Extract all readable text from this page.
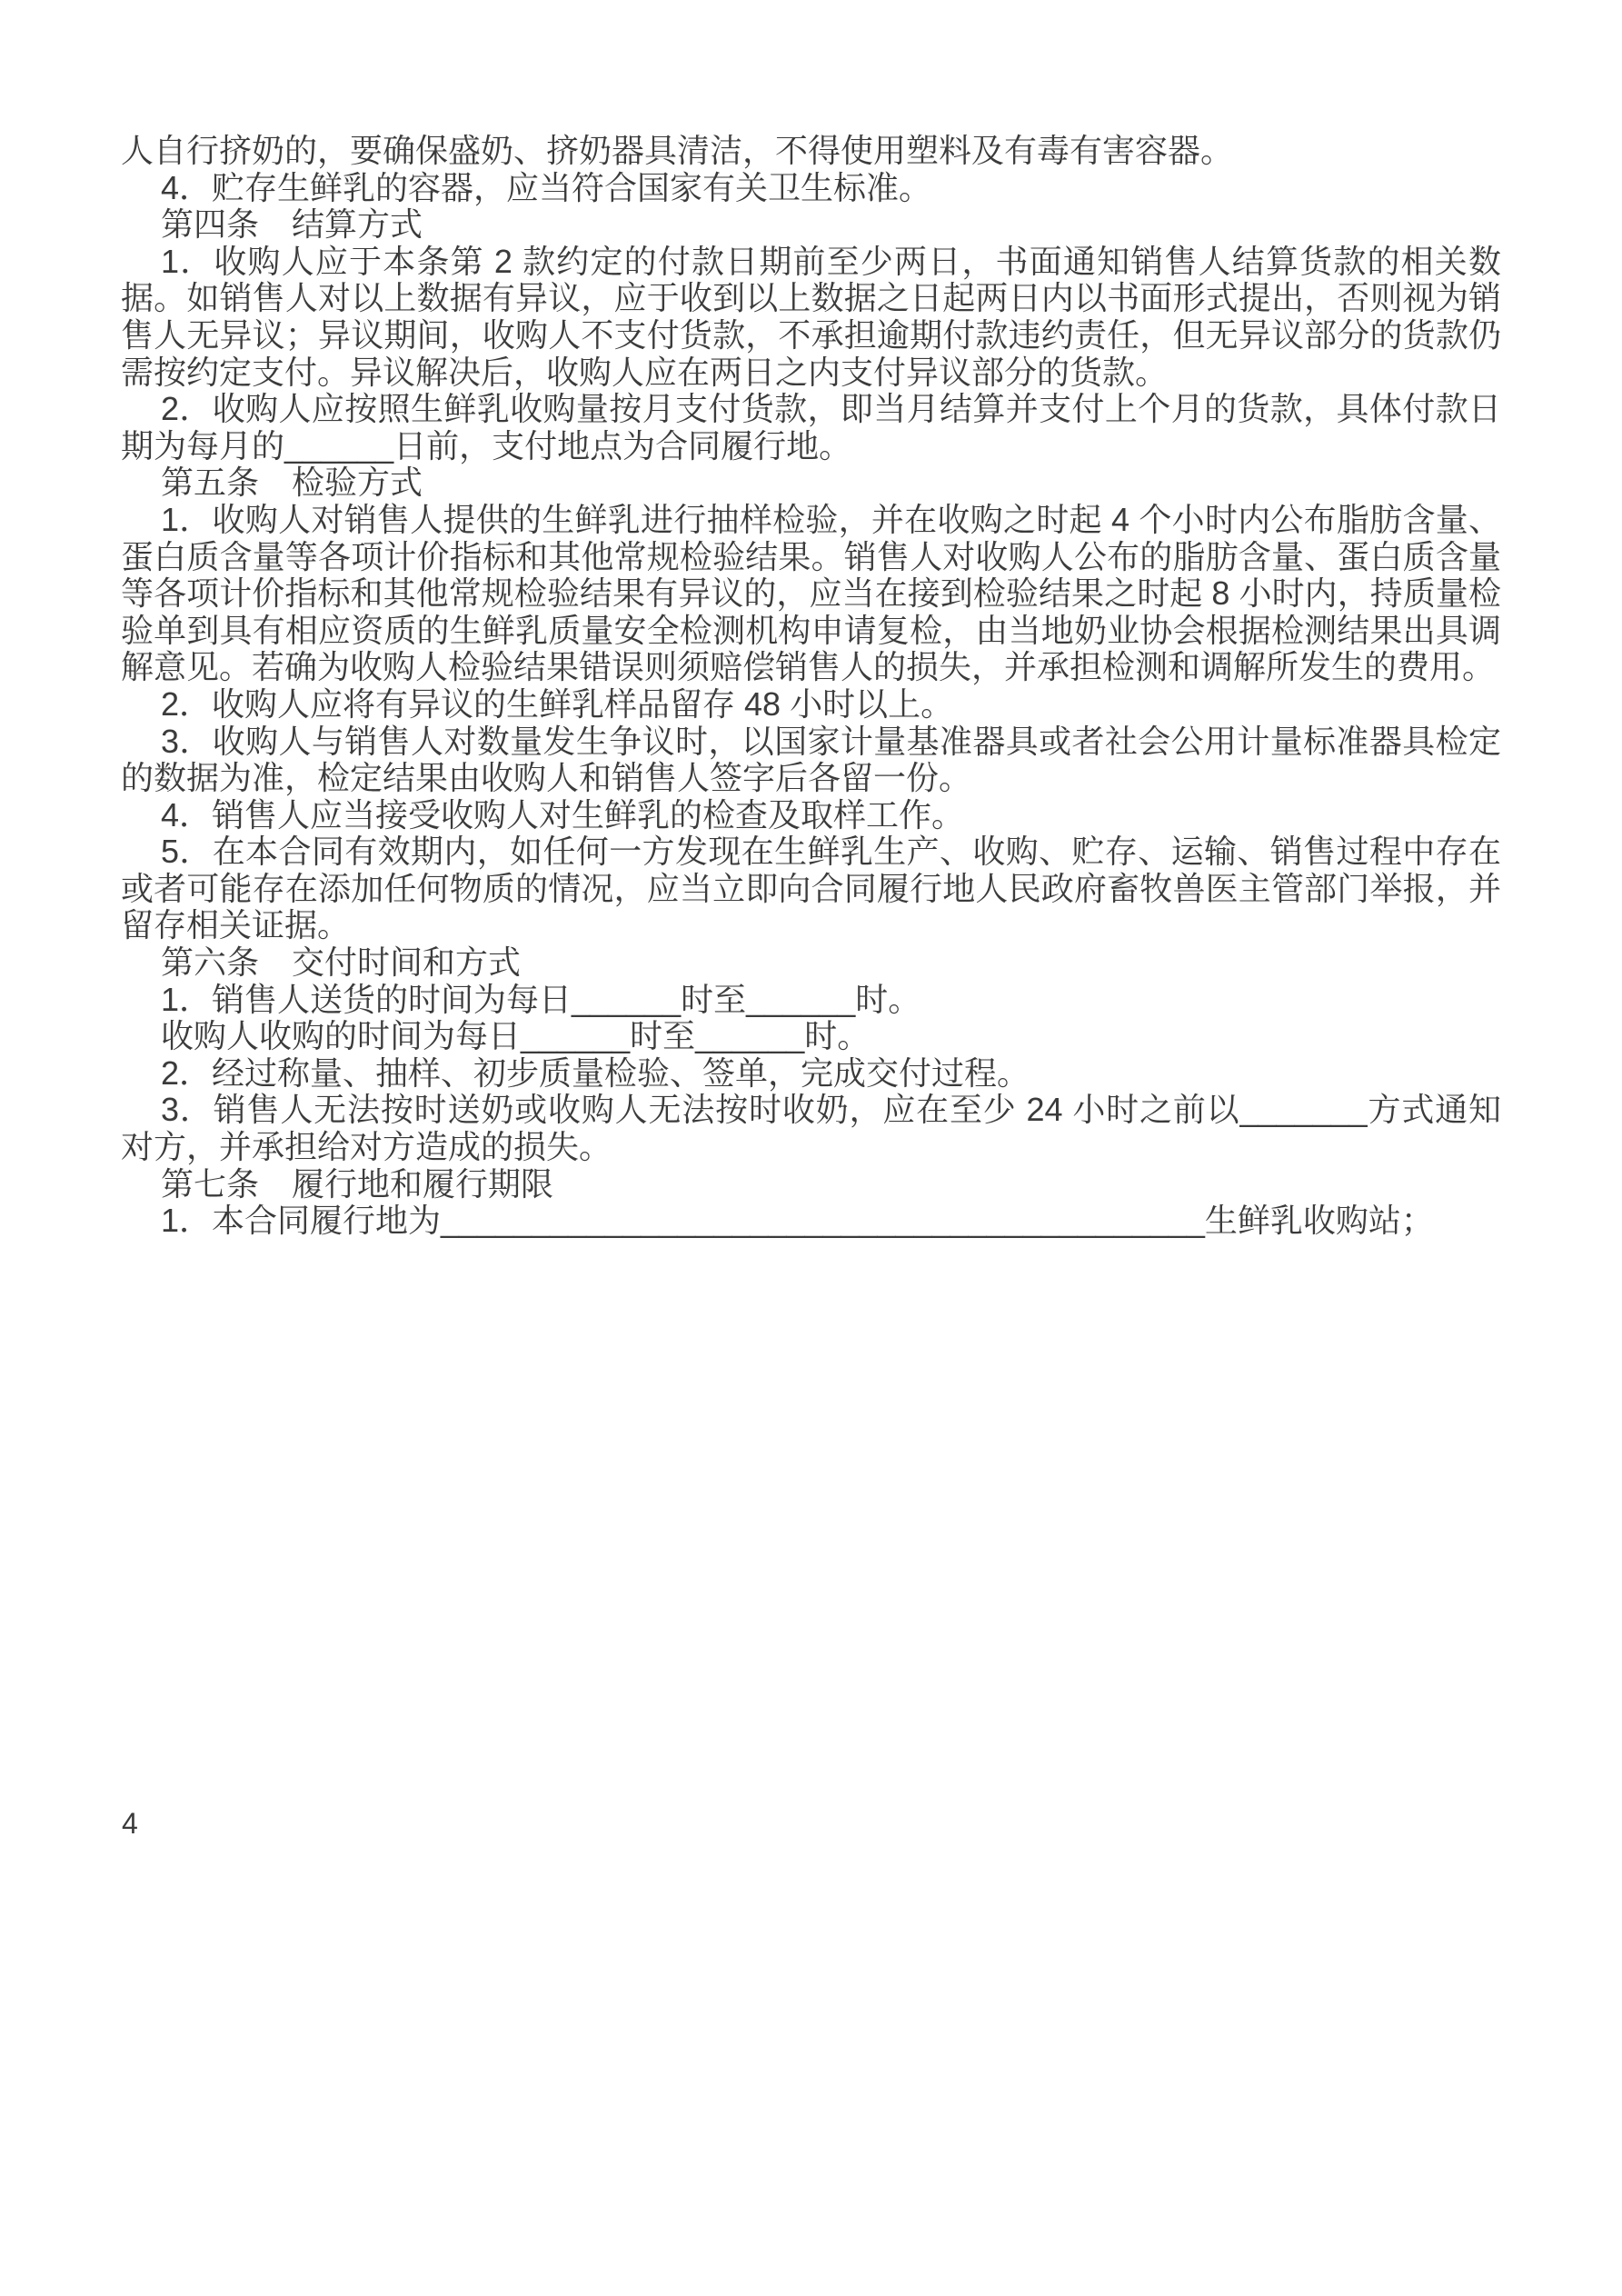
人自行挤奶的，要确保盛奶、挤奶器具清洁，不得使用塑料及有毒有害容器。

4．贮存生鲜乳的容器，应当符合国家有关卫生标准。

第四条　结算方式

1．收购人应于本条第 2 款约定的付款日期前至少两日，书面通知销售人结算货款的相关数据。如销售人对以上数据有异议，应于收到以上数据之日起两日内以书面形式提出，否则视为销售人无异议；异议期间，收购人不支付货款，不承担逾期付款违约责任，但无异议部分的货款仍需按约定支付。异议解决后，收购人应在两日之内支付异议部分的货款。

2．收购人应按照生鲜乳收购量按月支付货款，即当月结算并支付上个月的货款，具体付款日期为每月的______日前，支付地点为合同履行地。

第五条　检验方式

1．收购人对销售人提供的生鲜乳进行抽样检验，并在收购之时起 4 个小时内公布脂肪含量、蛋白质含量等各项计价指标和其他常规检验结果。销售人对收购人公布的脂肪含量、蛋白质含量等各项计价指标和其他常规检验结果有异议的，应当在接到检验结果之时起 8 小时内，持质量检验单到具有相应资质的生鲜乳质量安全检测机构申请复检，由当地奶业协会根据检测结果出具调解意见。若确为收购人检验结果错误则须赔偿销售人的损失，并承担检测和调解所发生的费用。

2．收购人应将有异议的生鲜乳样品留存 48 小时以上。

3．收购人与销售人对数量发生争议时，以国家计量基准器具或者社会公用计量标准器具检定的数据为准，检定结果由收购人和销售人签字后各留一份。

4．销售人应当接受收购人对生鲜乳的检查及取样工作。

5．在本合同有效期内，如任何一方发现在生鲜乳生产、收购、贮存、运输、销售过程中存在或者可能存在添加任何物质的情况，应当立即向合同履行地人民政府畜牧兽医主管部门举报，并留存相关证据。

第六条　交付时间和方式

1．销售人送货的时间为每日______时至______时。

收购人收购的时间为每日______时至______时。

2．经过称量、抽样、初步质量检验、签单，完成交付过程。

3．销售人无法按时送奶或收购人无法按时收奶，应在至少 24 小时之前以_______方式通知对方，并承担给对方造成的损失。

第七条　履行地和履行期限

1．本合同履行地为__________________________________________生鲜乳收购站；

4
